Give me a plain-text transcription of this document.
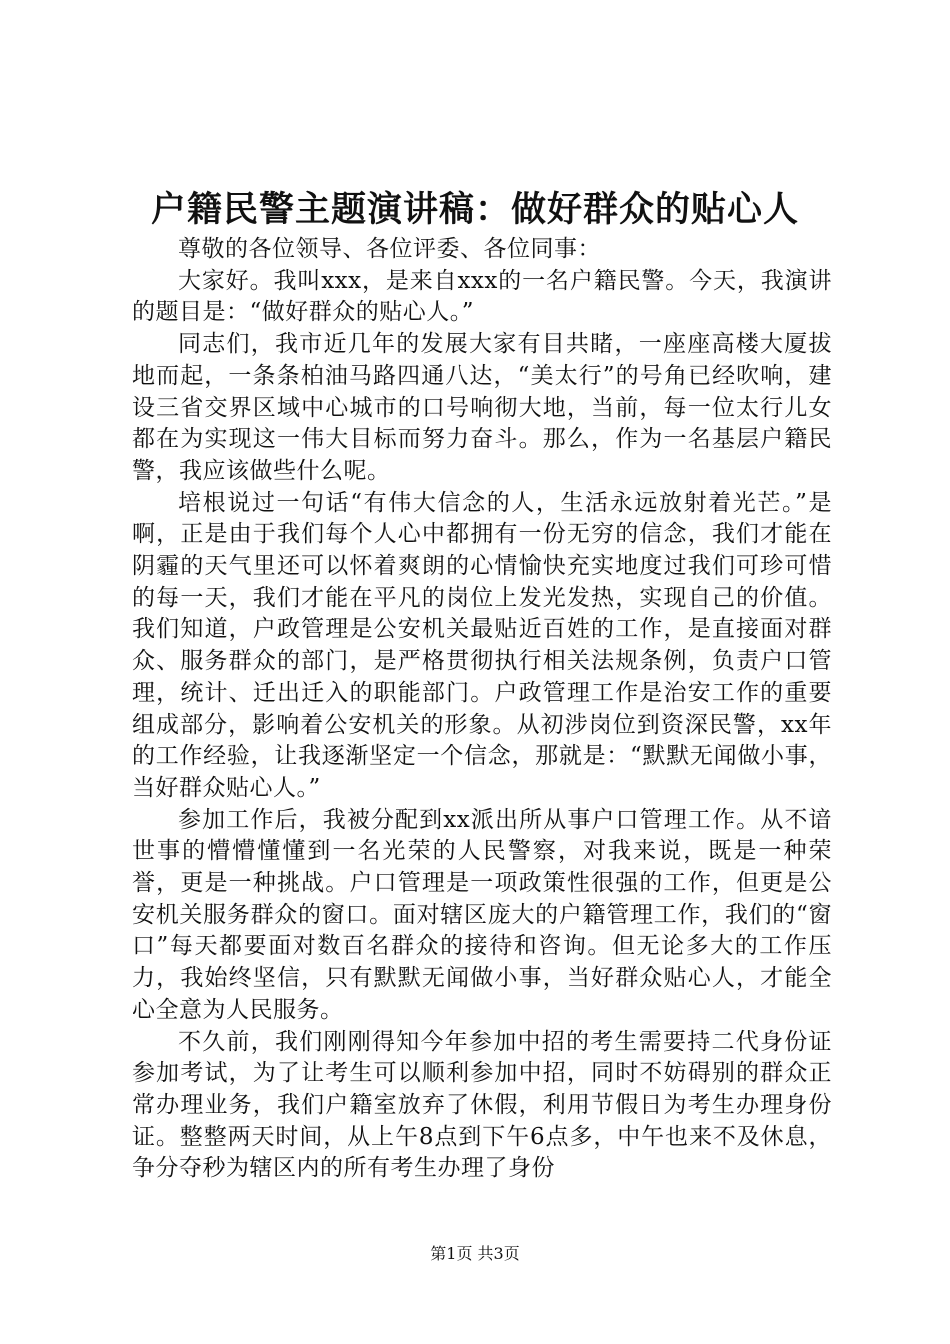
户籍民警主题演讲稿：做好群众的贴心人

尊敬的各位领导、各位评委、各位同事：

大家好。我叫xxx，是来自xxx的一名户籍民警。今天，我演讲的题目是：“做好群众的贴心人。”

同志们，我市近几年的发展大家有目共睹，一座座高楼大厦拔地而起，一条条柏油马路四通八达，“美太行”的号角已经吹响，建设三省交界区域中心城市的口号响彻大地，当前，每一位太行儿女都在为实现这一伟大目标而努力奋斗。那么，作为一名基层户籍民警，我应该做些什么呢。

培根说过一句话“有伟大信念的人，生活永远放射着光芒。”是啊，正是由于我们每个人心中都拥有一份无穷的信念，我们才能在阴霾的天气里还可以怀着爽朗的心情愉快充实地度过我们可珍可惜的每一天，我们才能在平凡的岗位上发光发热，实现自己的价值。我们知道，户政管理是公安机关最贴近百姓的工作，是直接面对群众、服务群众的部门，是严格贯彻执行相关法规条例，负责户口管理，统计、迁出迁入的职能部门。户政管理工作是治安工作的重要组成部分，影响着公安机关的形象。从初涉岗位到资深民警，xx年的工作经验，让我逐渐坚定一个信念，那就是：“默默无闻做小事，当好群众贴心人。”

参加工作后，我被分配到xx派出所从事户口管理工作。从不谙世事的懵懵懂懂到一名光荣的人民警察，对我来说，既是一种荣誉，更是一种挑战。户口管理是一项政策性很强的工作，但更是公安机关服务群众的窗口。面对辖区庞大的户籍管理工作，我们的“窗口”每天都要面对数百名群众的接待和咨询。但无论多大的工作压力，我始终坚信，只有默默无闻做小事，当好群众贴心人，才能全心全意为人民服务。

不久前，我们刚刚得知今年参加中招的考生需要持二代身份证参加考试，为了让考生可以顺利参加中招，同时不妨碍别的群众正常办理业务，我们户籍室放弃了休假，利用节假日为考生办理身份证。整整两天时间，从上午8点到下午6点多，中午也来不及休息，争分夺秒为辖区内的所有考生办理了身份

第1页 共3页
